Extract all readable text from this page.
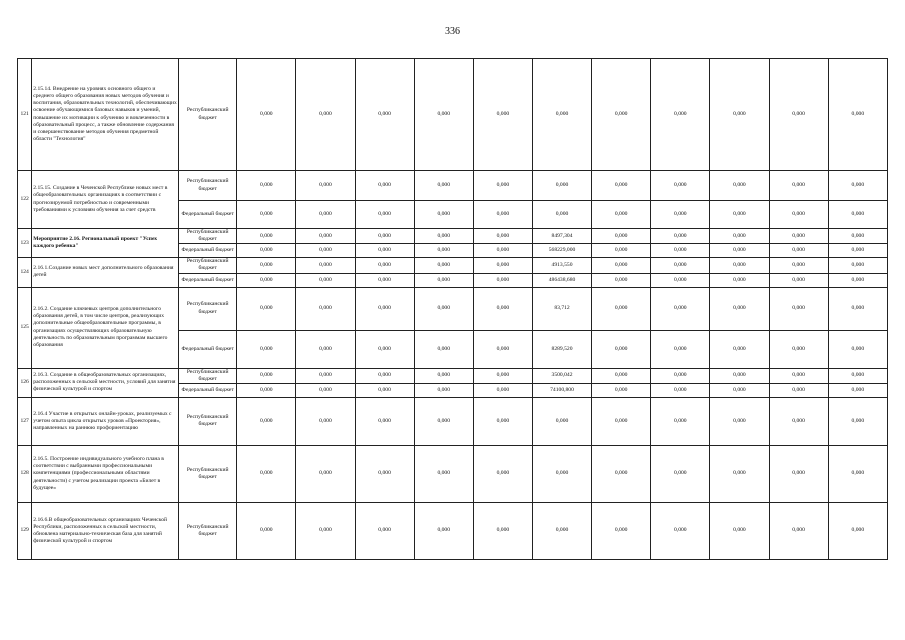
336
121	2.15.14. Внедрение на уровнях основного общего и среднего общего образования новых методов обучения и воспитания, образовательных технологий, обеспечивающих освоение обучающимися базовых навыков и умений, повышение их мотивации к обучению и вовлеченности в образовательный процесс, а также обновление содержания и совершенствование методов обучения предметной области "Технология"	Республиканский бюджет	0,000	0,000	0,000	0,000	0,000	0,000	0,000	0,000	0,000	0,000	0,000
122	2.15.15. Создание в Чеченской Республике новых мест в общеобразовательных организациях в соответствии с прогнозируемой потребностью и современными требованиями к условиям обучения за счет средств	Республиканский бюджет	0,000	0,000	0,000	0,000	0,000	0,000	0,000	0,000	0,000	0,000	0,000
		Федеральный бюджет	0,000	0,000	0,000	0,000	0,000	0,000	0,000	0,000	0,000	0,000	0,000
123	Мероприятие 2.16. Региональный проект "Успех каждого ребенка"	Республиканский бюджет	0,000	0,000	0,000	0,000	0,000	8497,304	0,000	0,000	0,000	0,000	0,000
		Федеральный бюджет	0,000	0,000	0,000	0,000	0,000	568229,000	0,000	0,000	0,000	0,000	0,000
124	2.16.1.Создание новых мест дополнительного образования детей	Республиканский бюджет	0,000	0,000	0,000	0,000	0,000	4913,550	0,000	0,000	0,000	0,000	0,000
		Федеральный бюджет	0,000	0,000	0,000	0,000	0,000	486438,680	0,000	0,000	0,000	0,000	0,000
125	2.16.2. Создание ключевых центров дополнительного образования детей, в том числе центров, реализующих дополнительные общеобразовательные программы, в организациях осуществляющих образовательную деятельность по образовательным программам высшего образования	Республиканский бюджет	0,000	0,000	0,000	0,000	0,000	83,712	0,000	0,000	0,000	0,000	0,000
		Федеральный бюджет	0,000	0,000	0,000	0,000	0,000	8289,520	0,000	0,000	0,000	0,000	0,000
126	2.16.3. Создание в общеобразовательных организациях, расположенных в сельской местности, условий для занятия физической культурой и спортом	Республиканский бюджет	0,000	0,000	0,000	0,000	0,000	3500,042	0,000	0,000	0,000	0,000	0,000
		Федеральный бюджет	0,000	0,000	0,000	0,000	0,000	74100,800	0,000	0,000	0,000	0,000	0,000
127	2.16.4 Участие в открытых онлайн-уроках, реализуемых с учетом опыта цикла открытых уроков «Проектория», направленных на раннюю профориентацию	Республиканский бюджет	0,000	0,000	0,000	0,000	0,000	0,000	0,000	0,000	0,000	0,000	0,000
128	2.16.5. Построение индивидуального учебного плана в соответствии с выбранными профессиональными компетенциями (профессиональными областями деятельности) с учетом реализации проекта «Билет в будущее»	Республиканский бюджет	0,000	0,000	0,000	0,000	0,000	0,000	0,000	0,000	0,000	0,000	0,000
129	2.16.6.В общеобразовательных организациях Чеченской Республики, расположенных в сельской местности, обновлена материально-техническая база для занятий физической культурой и спортом	Республиканский бюджет	0,000	0,000	0,000	0,000	0,000	0,000	0,000	0,000	0,000	0,000	0,000
